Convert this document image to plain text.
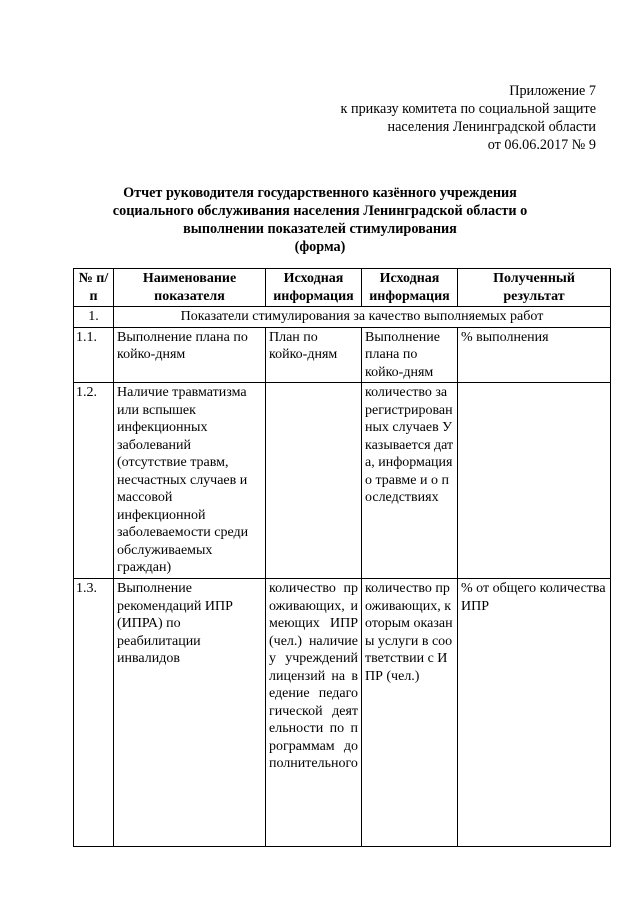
Приложение 7
к приказу комитета по социальной защите
населения Ленинградской области
от 06.06.2017 № 9
Отчет руководителя государственного казённого учреждения
социального обслуживания населения Ленинградской области о
выполнении показателей стимулирования
(форма)
№ п/п	Наименование показателя	Исходная информация	Исходная информация	Полученный результат
1.	Показатели стимулирования за качество выполняемых работ			
1.1.	Выполнение плана по койко-дням	План по койко-дням	Выполнение плана по койко-дням	% выполнения
1.2.	Наличие травматизма или вспышек инфекционных заболеваний (отсутствие травм, несчастных случаев и массовой инфекционной заболеваемости среди обслуживаемых граждан)		количество зарегистрированных случаев Указывается дата, информация о травме и о последствиях	
1.3.	Выполнение рекомендаций ИПР (ИПРА) по реабилитации инвалидов	количество проживающих, имеющих ИПР (чел.) наличие у учреждений лицензий на ведение педагогической деятельности по программам дополнительного	количество проживающих, которым оказаны услуги в соответствии с ИПР (чел.)	% от общего количества ИПР
